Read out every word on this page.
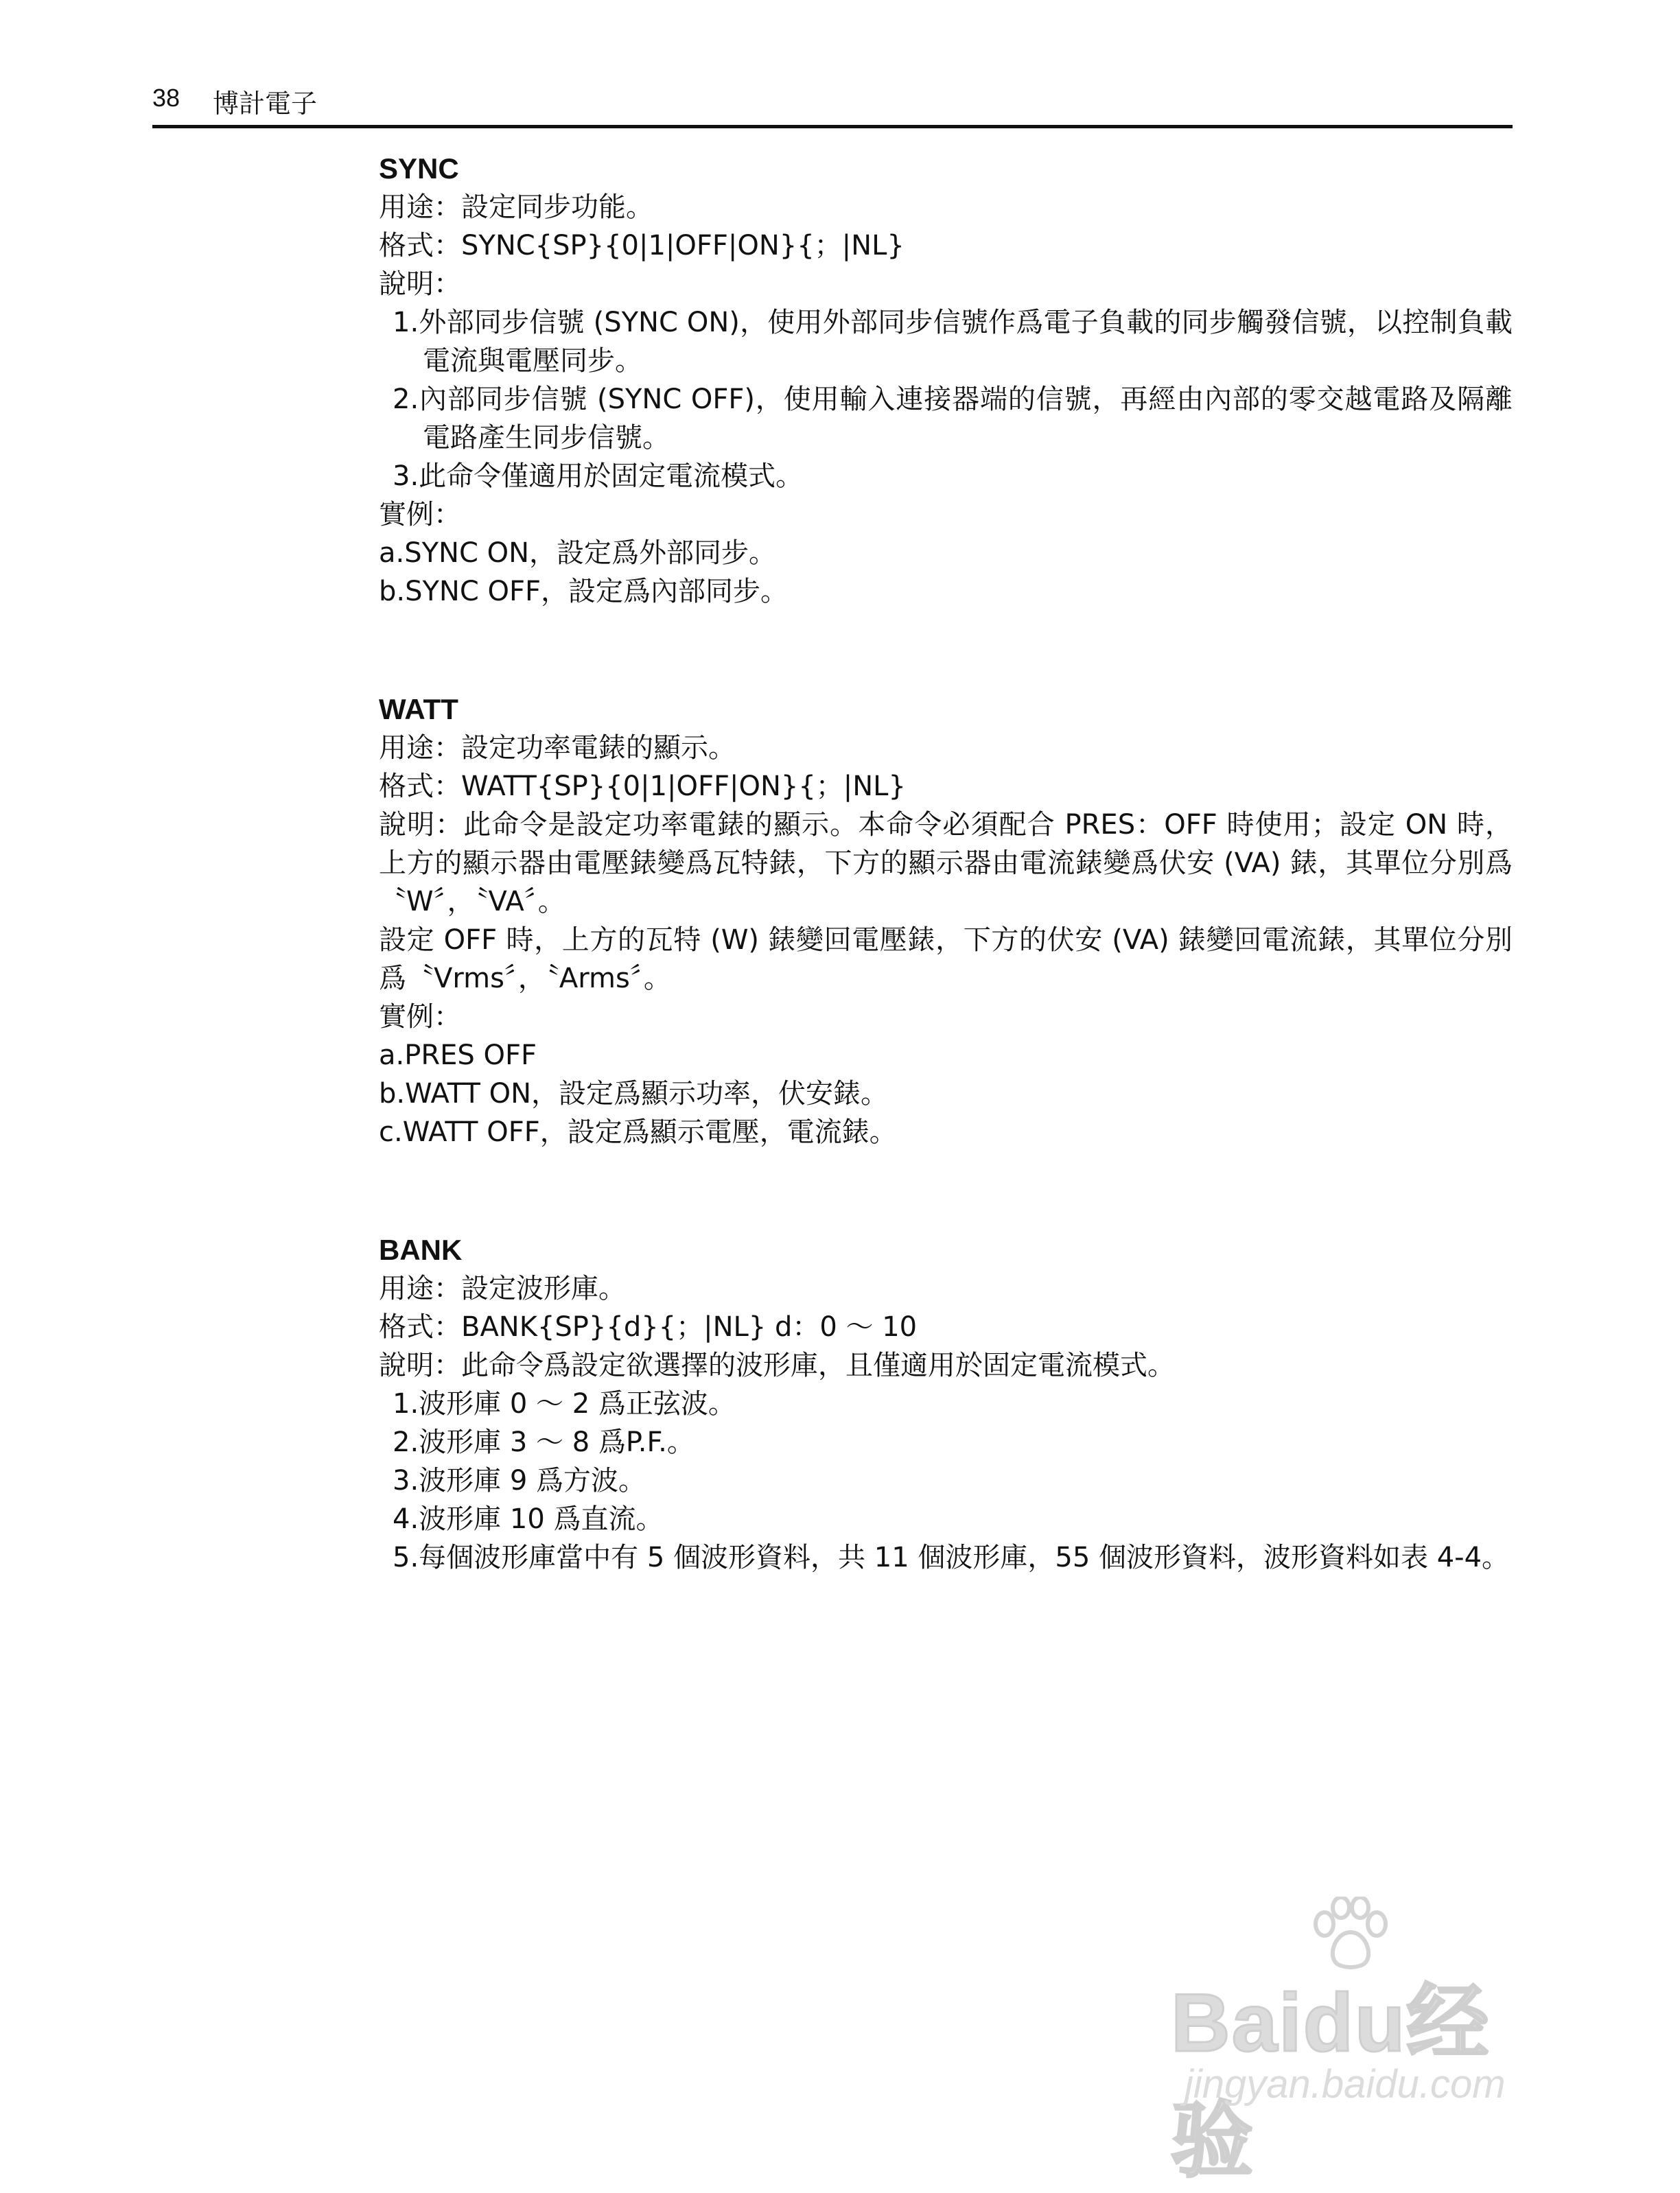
38 博計電子

SYNC

用途：設定同步功能。

格式：SYNC{SP}{0|1|OFF|ON}{；|NL}

說明：

1.外部同步信號 (SYNC ON)，使用外部同步信號作爲電子負載的同步觸發信號，以控制負載電流與電壓同步。

2.內部同步信號 (SYNC OFF)，使用輸入連接器端的信號，再經由內部的零交越電路及隔離電路產生同步信號。

3.此命令僅適用於固定電流模式。

實例：

a.SYNC ON，設定爲外部同步。

b.SYNC OFF，設定爲內部同步。

WATT

用途：設定功率電錶的顯示。

格式：WATT{SP}{0|1|OFF|ON}{；|NL}

說明：此命令是設定功率電錶的顯示。本命令必須配合 PRES：OFF 時使用；設定 ON 時，上方的顯示器由電壓錶變爲瓦特錶，下方的顯示器由電流錶變爲伏安 (VA) 錶，其單位分別爲〝W〞，〝VA〞。

設定 OFF 時，上方的瓦特 (W) 錶變回電壓錶，下方的伏安 (VA) 錶變回電流錶，其單位分別爲〝Vrms〞，〝Arms〞。

實例：

a.PRES OFF

b.WATT ON，設定爲顯示功率，伏安錶。

c.WATT OFF，設定爲顯示電壓，電流錶。

BANK

用途：設定波形庫。

格式：BANK{SP}{d}{；|NL} d：0 ～ 10

說明：此命令爲設定欲選擇的波形庫，且僅適用於固定電流模式。

1.波形庫 0 ～ 2 爲正弦波。

2.波形庫 3 ～ 8 爲P.F.。

3.波形庫 9 爲方波。

4.波形庫 10 爲直流。

5.每個波形庫當中有 5 個波形資料，共 11 個波形庫，55 個波形資料，波形資料如表 4-4。

Baidu经验
jingyan.baidu.com
